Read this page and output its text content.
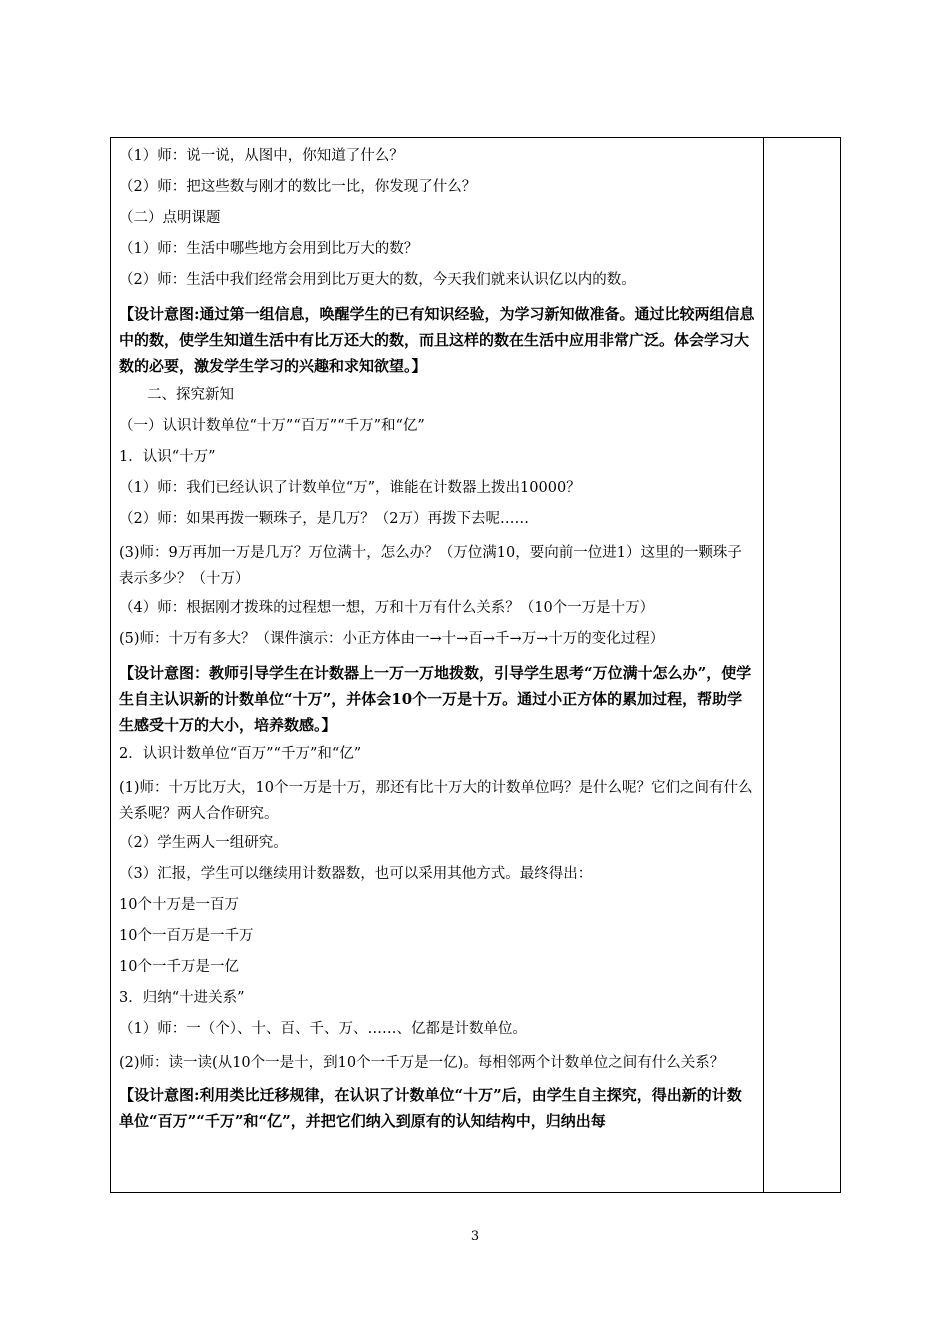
（1）师：说一说，从图中，你知道了什么？

（2）师：把这些数与刚才的数比一比，你发现了什么？

（二）点明课题

（1）师：生活中哪些地方会用到比万大的数？

（2）师：生活中我们经常会用到比万更大的数，今天我们就来认识亿以内的数。

【设计意图:通过第一组信息，唤醒学生的已有知识经验，为学习新知做准备。通过比较两组信息中的数，使学生知道生活中有比万还大的数，而且这样的数在生活中应用非常广泛。体会学习大数的必要，激发学生学习的兴趣和求知欲望。】

二、探究新知

（一）认识计数单位“十万”“百万”“千万”和“亿”

1．认识“十万”

（1）师：我们已经认识了计数单位“万”，谁能在计数器上拨出10000？

（2）师：如果再拨一颗珠子，是几万？（2万）再拨下去呢……

(3)师：9万再加一万是几万？万位满十，怎么办？（万位满10，要向前一位进1）这里的一颗珠子表示多少？（十万）

（4）师：根据刚才拨珠的过程想一想，万和十万有什么关系？（10个一万是十万）

(5)师：十万有多大？（课件演示：小正方体由一→十→百→千→万→十万的变化过程）

【设计意图：教师引导学生在计数器上一万一万地拨数，引导学生思考“万位满十怎么办”，使学生自主认识新的计数单位“十万”，并体会10个一万是十万。通过小正方体的累加过程，帮助学生感受十万的大小，培养数感。】

2．认识计数单位“百万”“千万”和“亿”

(1)师：十万比万大，10个一万是十万，那还有比十万大的计数单位吗？是什么呢？它们之间有什么关系呢？两人合作研究。

（2）学生两人一组研究。

（3）汇报，学生可以继续用计数器数，也可以采用其他方式。最终得出：

10个十万是一百万

10个一百万是一千万

10个一千万是一亿

3．归纳“十进关系”

（1）师：一（个）、十、百、千、万、……、亿都是计数单位。

(2)师：读一读(从10个一是十，到10个一千万是一亿)。每相邻两个计数单位之间有什么关系？

【设计意图:利用类比迁移规律，在认识了计数单位“十万”后，由学生自主探究，得出新的计数单位“百万”“千万”和“亿”，并把它们纳入到原有的认知结构中，归纳出每

3
